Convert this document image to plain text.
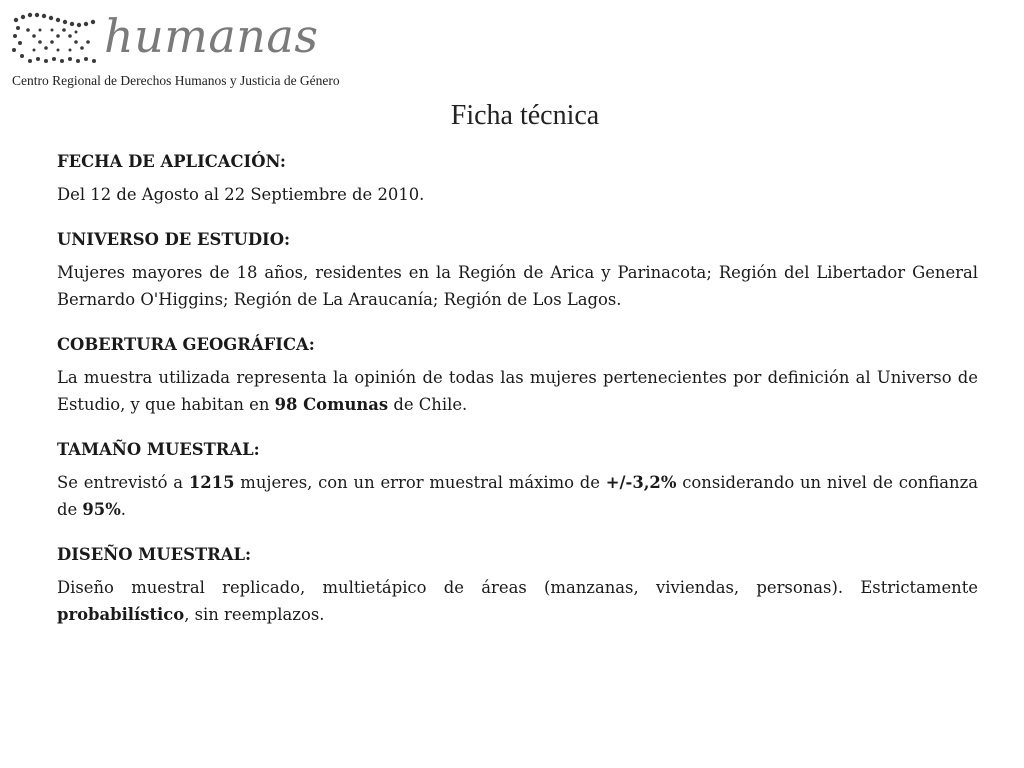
humanas
Centro Regional de Derechos Humanos y Justicia de Género
Ficha técnica
FECHA DE APLICACIÓN:
Del 12 de Agosto al 22 Septiembre de 2010.
UNIVERSO DE ESTUDIO:
Mujeres mayores de 18 años, residentes en la Región de Arica y Parinacota; Región del Libertador General Bernardo O'Higgins; Región de La Araucanía; Región de Los Lagos.
COBERTURA GEOGRÁFICA:
La muestra utilizada representa la opinión de todas las mujeres pertenecientes por definición al Universo de Estudio, y que habitan en 98 Comunas de Chile.
TAMAÑO MUESTRAL:
Se entrevistó a 1215 mujeres, con un error muestral máximo de +/-3,2% considerando un nivel de confianza de 95%.
DISEÑO MUESTRAL:
Diseño muestral replicado, multietápico de áreas (manzanas, viviendas, personas). Estrictamente probabilístico, sin reemplazos.
